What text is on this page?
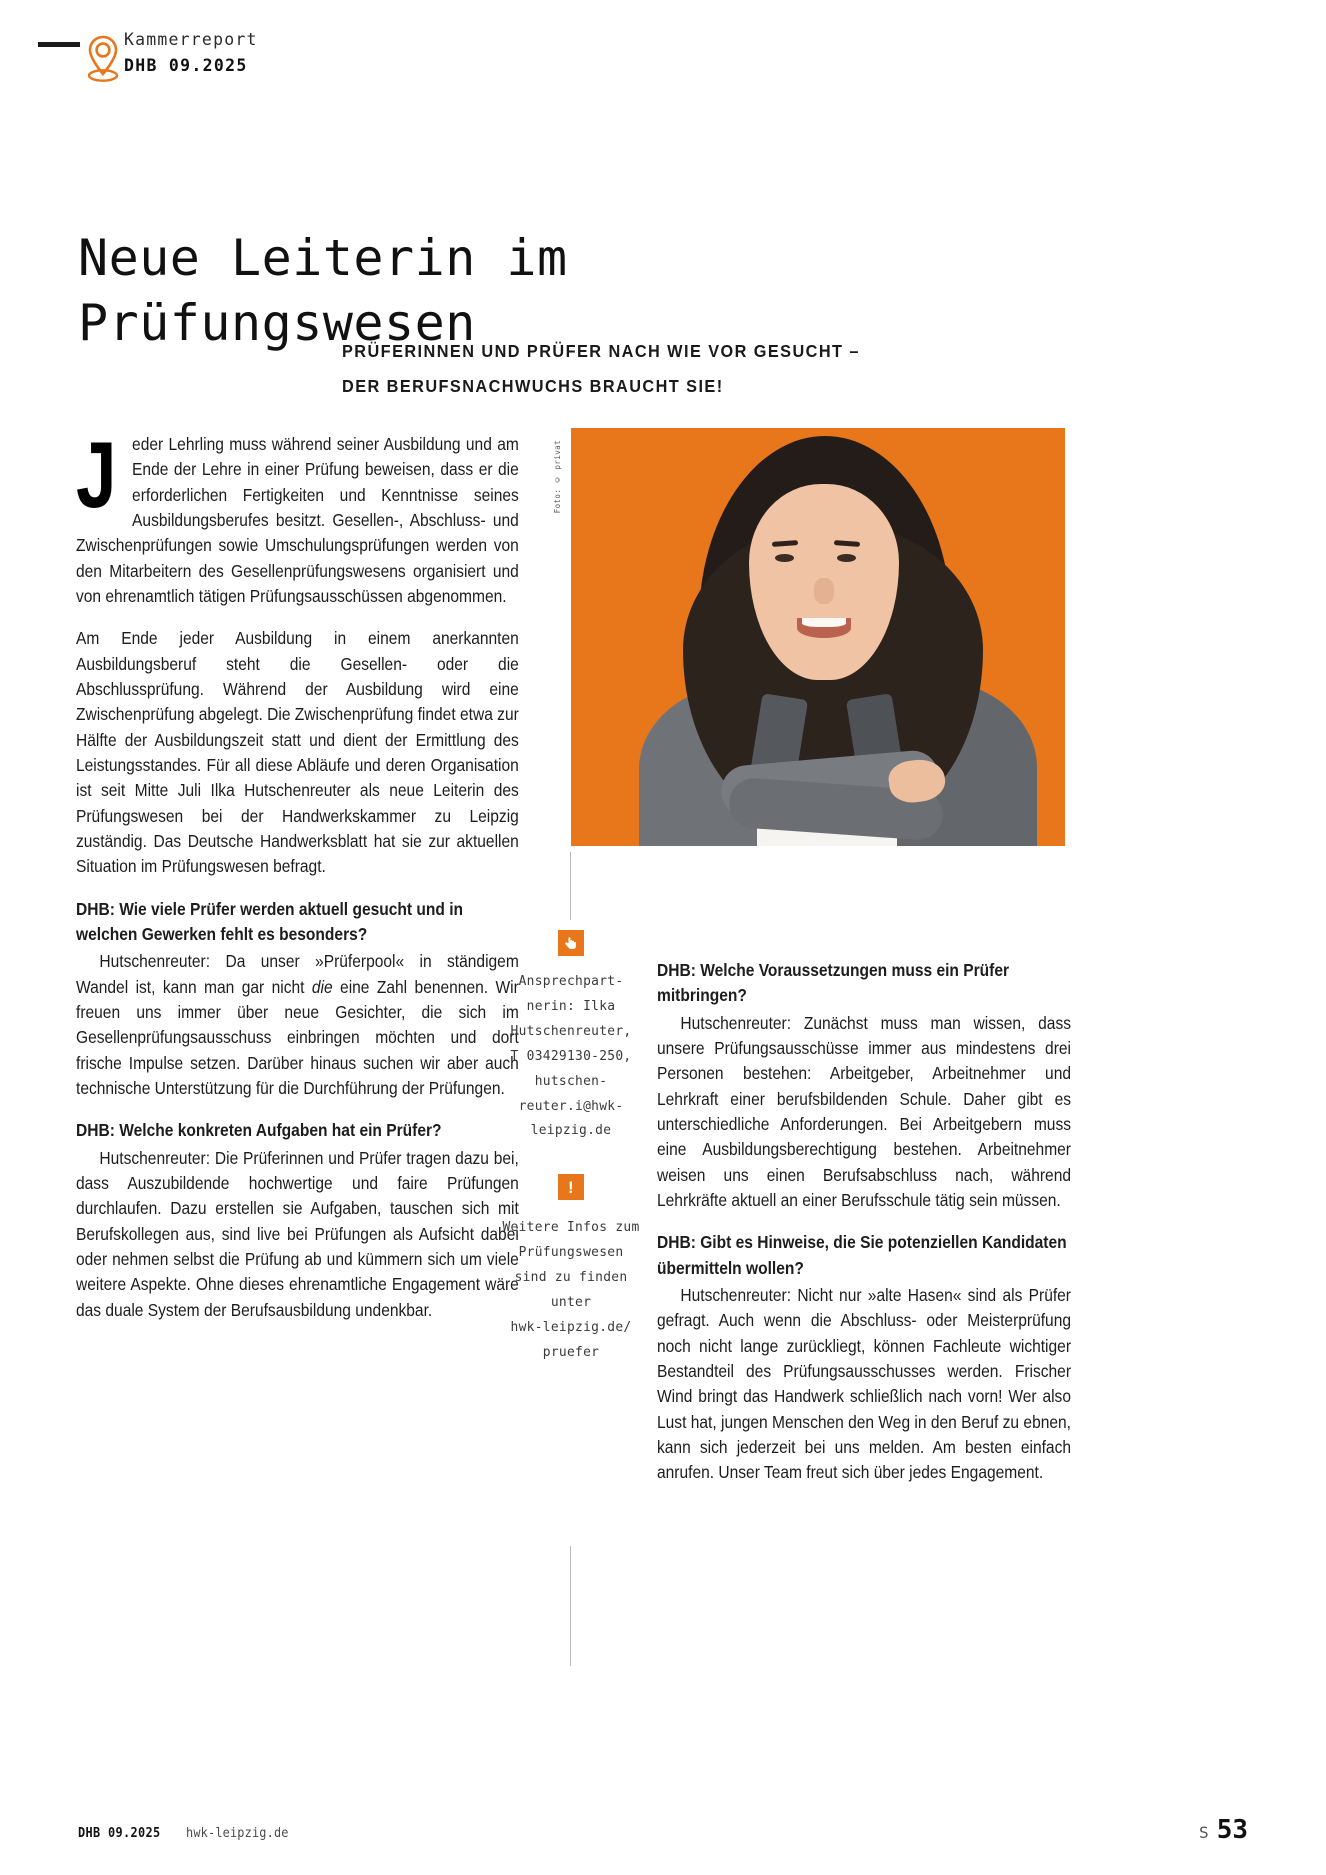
Kammerreport
DHB 09.2025
Neue Leiterin im
Prüfungswesen
PRÜFERINNEN UND PRÜFER NACH WIE VOR GESUCHT –
DER BERUFSNACHWUCHS BRAUCHT SIE!
Foto: © privat

Jeder Lehrling muss während seiner Ausbildung und am Ende der Lehre in einer Prüfung beweisen, dass er die erforderlichen Fertigkeiten und Kenntnisse seines Ausbildungsberufes besitzt. Gesellen-, Abschluss- und Zwischenprüfungen sowie Umschulungsprüfungen werden von den Mitarbeitern des Gesellenprüfungswesens organisiert und von ehrenamtlich tätigen Prüfungsausschüssen abgenommen.

Am Ende jeder Ausbildung in einem anerkannten Ausbildungsberuf steht die Gesellen- oder die Abschlussprüfung. Während der Ausbildung wird eine Zwischenprüfung abgelegt. Die Zwischenprüfung findet etwa zur Hälfte der Ausbildungszeit statt und dient der Ermittlung des Leistungsstandes. Für all diese Abläufe und deren Organisation ist seit Mitte Juli Ilka Hutschenreuter als neue Leiterin des Prüfungswesen bei der Handwerkskammer zu Leipzig zuständig. Das Deutsche Handwerksblatt hat sie zur aktuellen Situation im Prüfungswesen befragt.

DHB: Wie viele Prüfer werden aktuell gesucht und in welchen Gewerken fehlt es besonders?

Hutschenreuter: Da unser »Prüferpool« in ständigem Wandel ist, kann man gar nicht die eine Zahl benennen. Wir freuen uns immer über neue Gesichter, die sich im Gesellenprüfungsausschuss einbringen möchten und dort frische Impulse setzen. Darüber hinaus suchen wir aber auch technische Unterstützung für die Durchführung der Prüfungen.

DHB: Welche konkreten Aufgaben hat ein Prüfer?

Hutschenreuter: Die Prüferinnen und Prüfer tragen dazu bei, dass Auszubildende hochwertige und faire Prüfungen durchlaufen. Dazu erstellen sie Aufgaben, tauschen sich mit Berufskollegen aus, sind live bei Prüfungen als Aufsicht dabei oder nehmen selbst die Prüfung ab und kümmern sich um viele weitere Aspekte. Ohne dieses ehrenamtliche Engagement wäre das duale System der Berufsausbildung undenkbar.

DHB: Welche Voraussetzungen muss ein Prüfer mitbringen?

Hutschenreuter: Zunächst muss man wissen, dass unsere Prüfungsausschüsse immer aus mindestens drei Personen bestehen: Arbeitgeber, Arbeitnehmer und Lehrkraft einer berufsbildenden Schule. Daher gibt es unterschiedliche Anforderungen. Bei Arbeitgebern muss eine Ausbildungsberechtigung bestehen. Arbeitnehmer weisen uns einen Berufsabschluss nach, während Lehrkräfte aktuell an einer Berufsschule tätig sein müssen.

DHB: Gibt es Hinweise, die Sie potenziellen Kandidaten übermitteln wollen?

Hutschenreuter: Nicht nur »alte Hasen« sind als Prüfer gefragt. Auch wenn die Abschluss- oder Meisterprüfung noch nicht lange zurückliegt, können Fachleute wichtiger Bestandteil des Prüfungsausschusses werden. Frischer Wind bringt das Handwerk schließlich nach vorn! Wer also Lust hat, jungen Menschen den Weg in den Beruf zu ebnen, kann sich jederzeit bei uns melden. Am besten einfach anrufen. Unser Team freut sich über jedes Engagement.

Ansprechpart-
nerin: Ilka
Hutschenreuter,
T 03429130-250,
hutschen-
reuter.i@hwk-
leipzig.de
!
Weitere Infos zum
Prüfungswesen
sind zu finden
unter
hwk-leipzig.de/
pruefer
DHB 09.2025 hwk-leipzig.de	S 53
